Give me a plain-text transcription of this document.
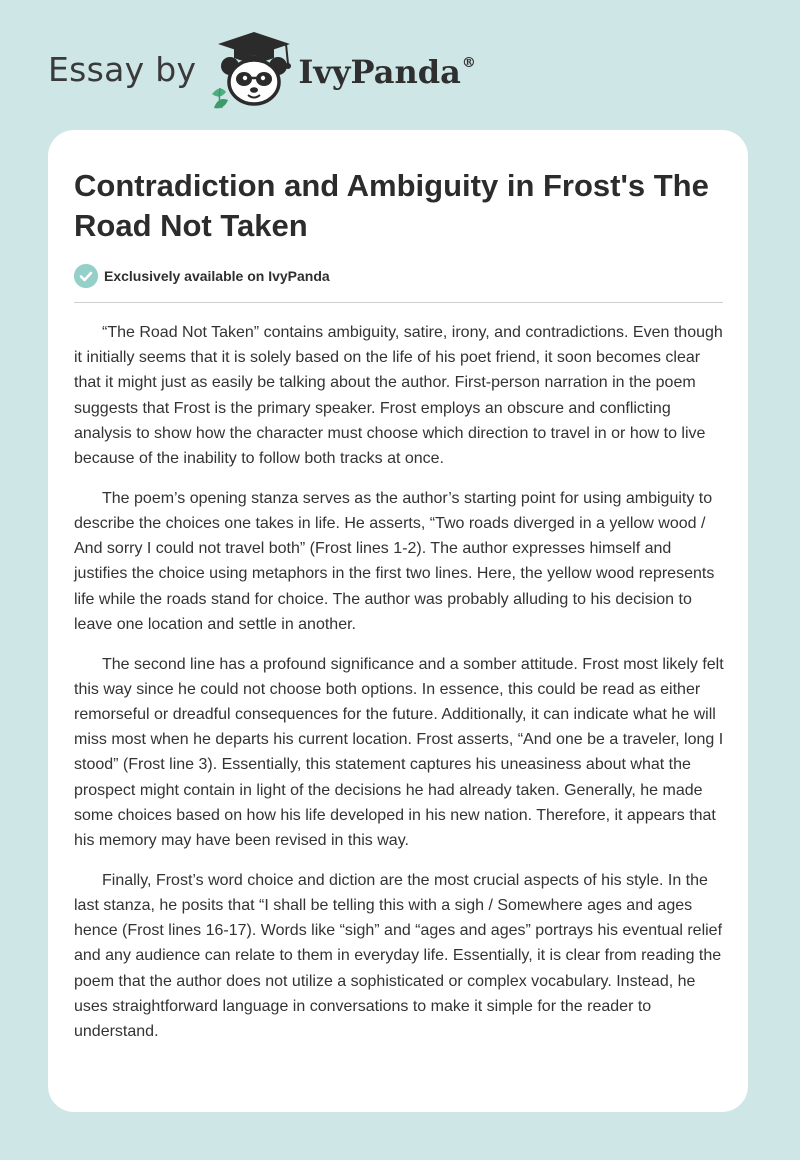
Essay by	IvyPanda®
Contradiction and Ambiguity in Frost's The Road Not Taken
Exclusively available on IvyPanda

“The Road Not Taken” contains ambiguity, satire, irony, and contradictions. Even though it initially seems that it is solely based on the life of his poet friend, it soon becomes clear that it might just as easily be talking about the author. First-person narration in the poem suggests that Frost is the primary speaker. Frost employs an obscure and conflicting analysis to show how the character must choose which direction to travel in or how to live because of the inability to follow both tracks at once.

The poem’s opening stanza serves as the author’s starting point for using ambiguity to describe the choices one takes in life. He asserts, “Two roads diverged in a yellow wood / And sorry I could not travel both” (Frost lines 1-2). The author expresses himself and justifies the choice using metaphors in the first two lines. Here, the yellow wood represents life while the roads stand for choice. The author was probably alluding to his decision to leave one location and settle in another.

The second line has a profound significance and a somber attitude. Frost most likely felt this way since he could not choose both options. In essence, this could be read as either remorseful or dreadful consequences for the future. Additionally, it can indicate what he will miss most when he departs his current location. Frost asserts, “And one be a traveler, long I stood” (Frost line 3). Essentially, this statement captures his uneasiness about what the prospect might contain in light of the decisions he had already taken. Generally, he made some choices based on how his life developed in his new nation. Therefore, it appears that his memory may have been revised in this way.

Finally, Frost’s word choice and diction are the most crucial aspects of his style. In the last stanza, he posits that “I shall be telling this with a sigh / Somewhere ages and ages hence (Frost lines 16-17). Words like “sigh” and “ages and ages” portrays his eventual relief and any audience can relate to them in everyday life. Essentially, it is clear from reading the poem that the author does not utilize a sophisticated or complex vocabulary. Instead, he uses straightforward language in conversations to make it simple for the reader to understand.
